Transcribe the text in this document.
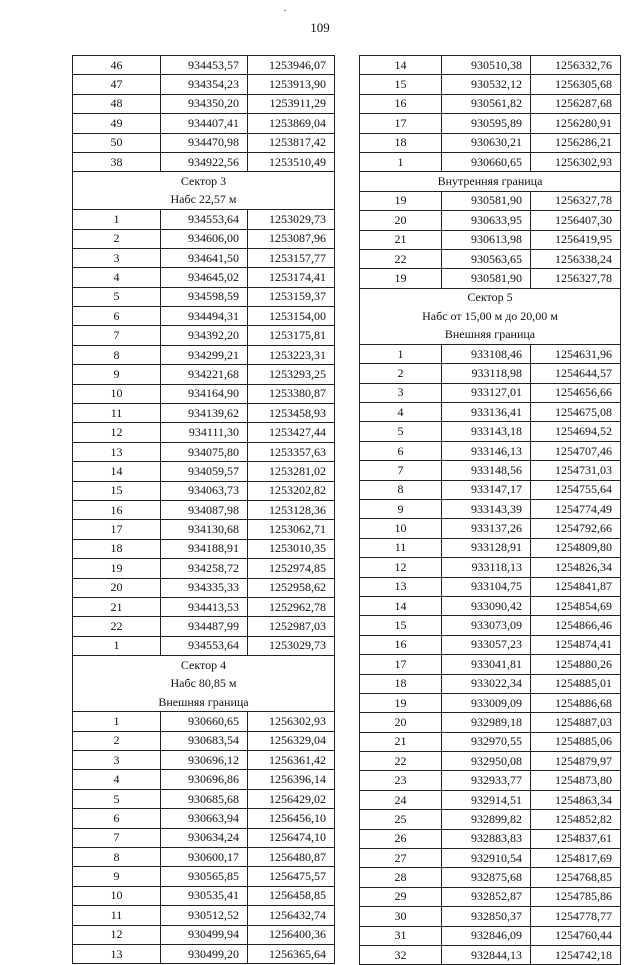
109
46	934453,57	1253946,07
47	934354,23	1253913,90
48	934350,20	1253911,29
49	934407,41	1253869,04
50	934470,98	1253817,42
38	934922,56	1253510,49
Сектор 3		
Набс 22,57 м		
1	934553,64	1253029,73
2	934606,00	1253087,96
3	934641,50	1253157,77
4	934645,02	1253174,41
5	934598,59	1253159,37
6	934494,31	1253154,00
7	934392,20	1253175,81
8	934299,21	1253223,31
9	934221,68	1253293,25
10	934164,90	1253380,87
11	934139,62	1253458,93
12	934111,30	1253427,44
13	934075,80	1253357,63
14	934059,57	1253281,02
15	934063,73	1253202,82
16	934087,98	1253128,36
17	934130,68	1253062,71
18	934188,91	1253010,35
19	934258,72	1252974,85
20	934335,33	1252958,62
21	934413,53	1252962,78
22	934487,99	1252987,03
1	934553,64	1253029,73
Сектор 4		
Набс 80,85 м		
Внешняя граница		
1	930660,65	1256302,93
2	930683,54	1256329,04
3	930696,12	1256361,42
4	930696,86	1256396,14
5	930685,68	1256429,02
6	930663,94	1256456,10
7	930634,24	1256474,10
8	930600,17	1256480,87
9	930565,85	1256475,57
10	930535,41	1256458,85
11	930512,52	1256432,74
12	930499,94	1256400,36
13	930499,20	1256365,64
14	930510,38	1256332,76
15	930532,12	1256305,68
16	930561,82	1256287,68
17	930595,89	1256280,91
18	930630,21	1256286,21
1	930660,65	1256302,93
Внутренняя граница		
19	930581,90	1256327,78
20	930633,95	1256407,30
21	930613,98	1256419,95
22	930563,65	1256338,24
19	930581,90	1256327,78
Сектор 5		
Набс от 15,00 м до 20,00 м		
Внешняя граница		
1	933108,46	1254631,96
2	933118,98	1254644,57
3	933127,01	1254656,66
4	933136,41	1254675,08
5	933143,18	1254694,52
6	933146,13	1254707,46
7	933148,56	1254731,03
8	933147,17	1254755,64
9	933143,39	1254774,49
10	933137,26	1254792,66
11	933128,91	1254809,80
12	933118,13	1254826,34
13	933104,75	1254841,87
14	933090,42	1254854,69
15	933073,09	1254866,46
16	933057,23	1254874,41
17	933041,81	1254880,26
18	933022,34	1254885,01
19	933009,09	1254886,68
20	932989,18	1254887,03
21	932970,55	1254885,06
22	932950,08	1254879,97
23	932933,77	1254873,80
24	932914,51	1254863,34
25	932899,82	1254852,82
26	932883,83	1254837,61
27	932910,54	1254817,69
28	932875,68	1254768,85
29	932852,87	1254785,86
30	932850,37	1254778,77
31	932846,09	1254760,44
32	932844,13	1254742,18
